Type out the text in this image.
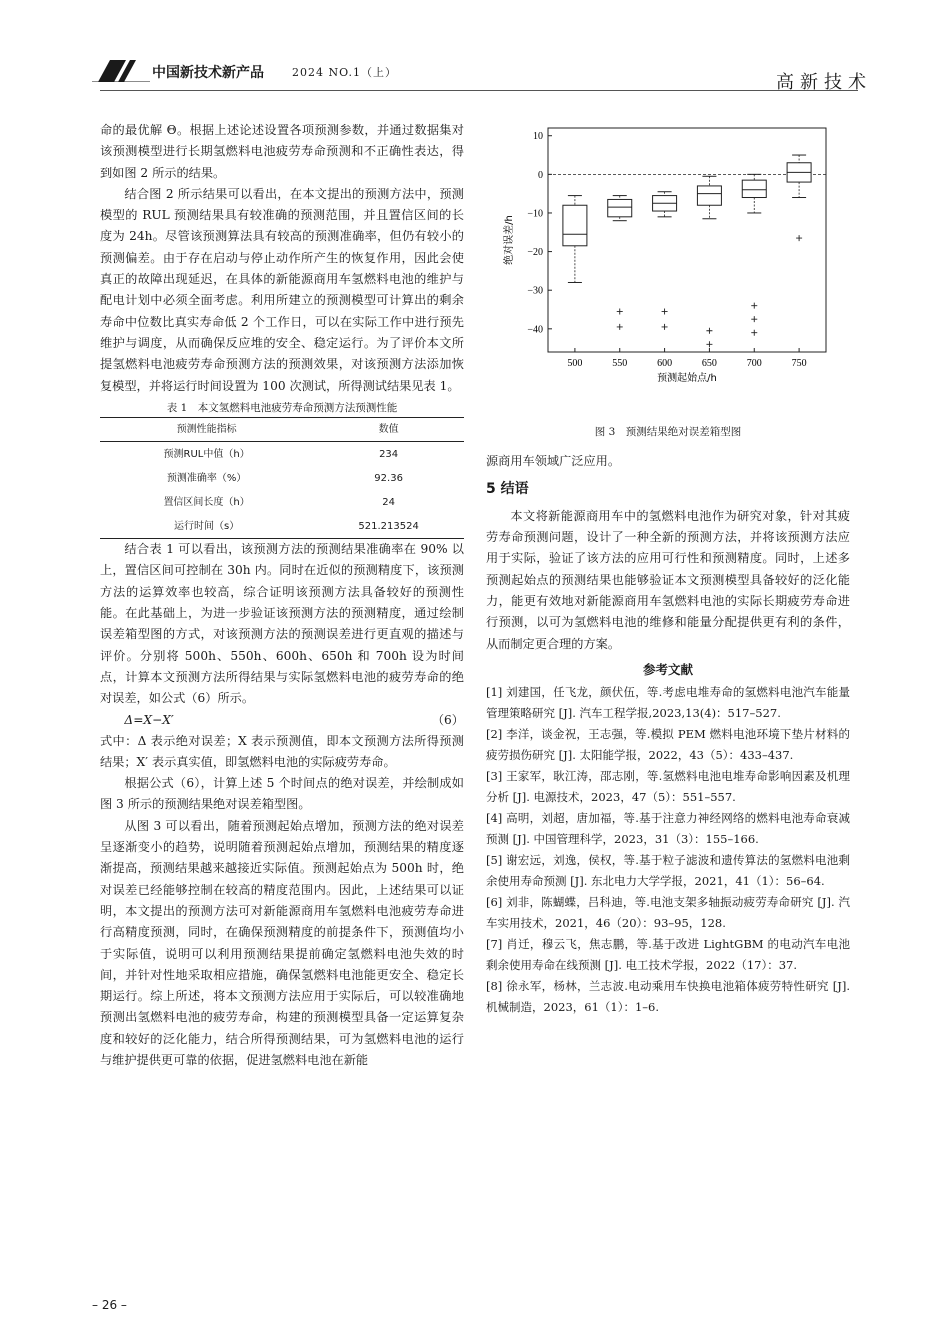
中国新技术新产品	2024 NO.1（上）	高新技术

命的最优解 Θ。根据上述论述设置各项预测参数，并通过数据集对该预测模型进行长期氢燃料电池疲劳寿命预测和不正确性表达，得到如图 2 所示的结果。

结合图 2 所示结果可以看出，在本文提出的预测方法中，预测模型的 RUL 预测结果具有较准确的预测范围，并且置信区间的长度为 24h。尽管该预测算法具有较高的预测准确率，但仍有较小的预测偏差。由于存在启动与停止动作所产生的恢复作用，因此会使真正的故障出现延迟，在具体的新能源商用车氢燃料电池的维护与配电计划中必须全面考虑。利用所建立的预测模型可计算出的剩余寿命中位数比真实寿命低 2 个工作日，可以在实际工作中进行预先维护与调度，从而确保反应堆的安全、稳定运行。为了评价本文所提氢燃料电池疲劳寿命预测方法的预测效果，对该预测方法添加恢复模型，并将运行时间设置为 100 次测试，所得测试结果见表 1。

表 1　本文氢燃料电池疲劳寿命预测方法预测性能
预测性能指标	数值
预测RUL中值（h）	234
预测准确率（%）	92.36
置信区间长度（h）	24
运行时间（s）	521.213524

结合表 1 可以看出，该预测方法的预测结果准确率在 90% 以上，置信区间可控制在 30h 内。同时在近似的预测精度下，该预测方法的运算效率也较高，综合证明该预测方法具备较好的预测性能。在此基础上，为进一步验证该预测方法的预测精度，通过绘制误差箱型图的方式，对该预测方法的预测误差进行更直观的描述与评价。分别将 500h、550h、600h、650h 和 700h 设为时间点，计算本文预测方法所得结果与实际氢燃料电池的疲劳寿命的绝对误差，如公式（6）所示。

Δ=X−X′	（6）

式中：Δ 表示绝对误差；X 表示预测值，即本文预测方法所得预测结果；X′ 表示真实值，即氢燃料电池的实际疲劳寿命。

根据公式（6），计算上述 5 个时间点的绝对误差，并绘制成如图 3 所示的预测结果绝对误差箱型图。

从图 3 可以看出，随着预测起始点增加，预测方法的绝对误差呈逐渐变小的趋势，说明随着预测起始点增加，预测结果的精度逐渐提高，预测结果越来越接近实际值。预测起始点为 500h 时，绝对误差已经能够控制在较高的精度范围内。因此，上述结果可以证明，本文提出的预测方法可对新能源商用车氢燃料电池疲劳寿命进行高精度预测，同时，在确保预测精度的前提条件下，预测值均小于实际值，说明可以利用预测结果提前确定氢燃料电池失效的时间，并针对性地采取相应措施，确保氢燃料电池能更安全、稳定长期运行。综上所述，将本文预测方法应用于实际后，可以较准确地预测出氢燃料电池的疲劳寿命，构建的预测模型具备一定运算复杂度和较好的泛化能力，结合所得预测结果，可为氢燃料电池的运行与维护提供更可靠的依据，促进氢燃料电池在新能

10
0
−10
−20
−30
−40
500	550	600	650	700	750
预测起始点/h
绝对误差/h
图 3　预测结果绝对误差箱型图

源商用车领域广泛应用。

5 结语

本文将新能源商用车中的氢燃料电池作为研究对象，针对其疲劳寿命预测问题，设计了一种全新的预测方法，并将该预测方法应用于实际，验证了该方法的应用可行性和预测精度。同时，上述多预测起始点的预测结果也能够验证本文预测模型具备较好的泛化能力，能更有效地对新能源商用车氢燃料电池的实际长期疲劳寿命进行预测，以可为氢燃料电池的维修和能量分配提供更有利的条件，从而制定更合理的方案。

参考文献

[1] 刘建国，任飞龙，颜伏伍，等.考虑电堆寿命的氢燃料电池汽车能量管理策略研究 [J]. 汽车工程学报,2023,13(4)：517–527.

[2] 李洋，谈金祝，王志强，等.模拟 PEM 燃料电池环境下垫片材料的疲劳损伤研究 [J]. 太阳能学报，2022，43（5）：433–437.

[3] 王家军，耿江涛，邵志刚，等.氢燃料电池电堆寿命影响因素及机理分析 [J]. 电源技术，2023，47（5）：551–557.

[4] 高明，刘超，唐加福，等.基于注意力神经网络的燃料电池寿命衰减预测 [J]. 中国管理科学，2023，31（3）：155–166.

[5] 谢宏远，刘逸，侯权，等.基于粒子滤波和遗传算法的氢燃料电池剩余使用寿命预测 [J]. 东北电力大学学报，2021，41（1）：56–64.

[6] 刘非，陈蝴蝶，吕科迪，等.电池支架多轴振动疲劳寿命研究 [J]. 汽车实用技术，2021，46（20）：93–95，128.

[7] 肖迁，穆云飞，焦志鹏，等.基于改进 LightGBM 的电动汽车电池剩余使用寿命在线预测 [J]. 电工技术学报，2022（17）：37.

[8] 徐永军，杨林，兰志波.电动乘用车快换电池箱体疲劳特性研究 [J]. 机械制造，2023，61（1）：1–6.

– 26 –
